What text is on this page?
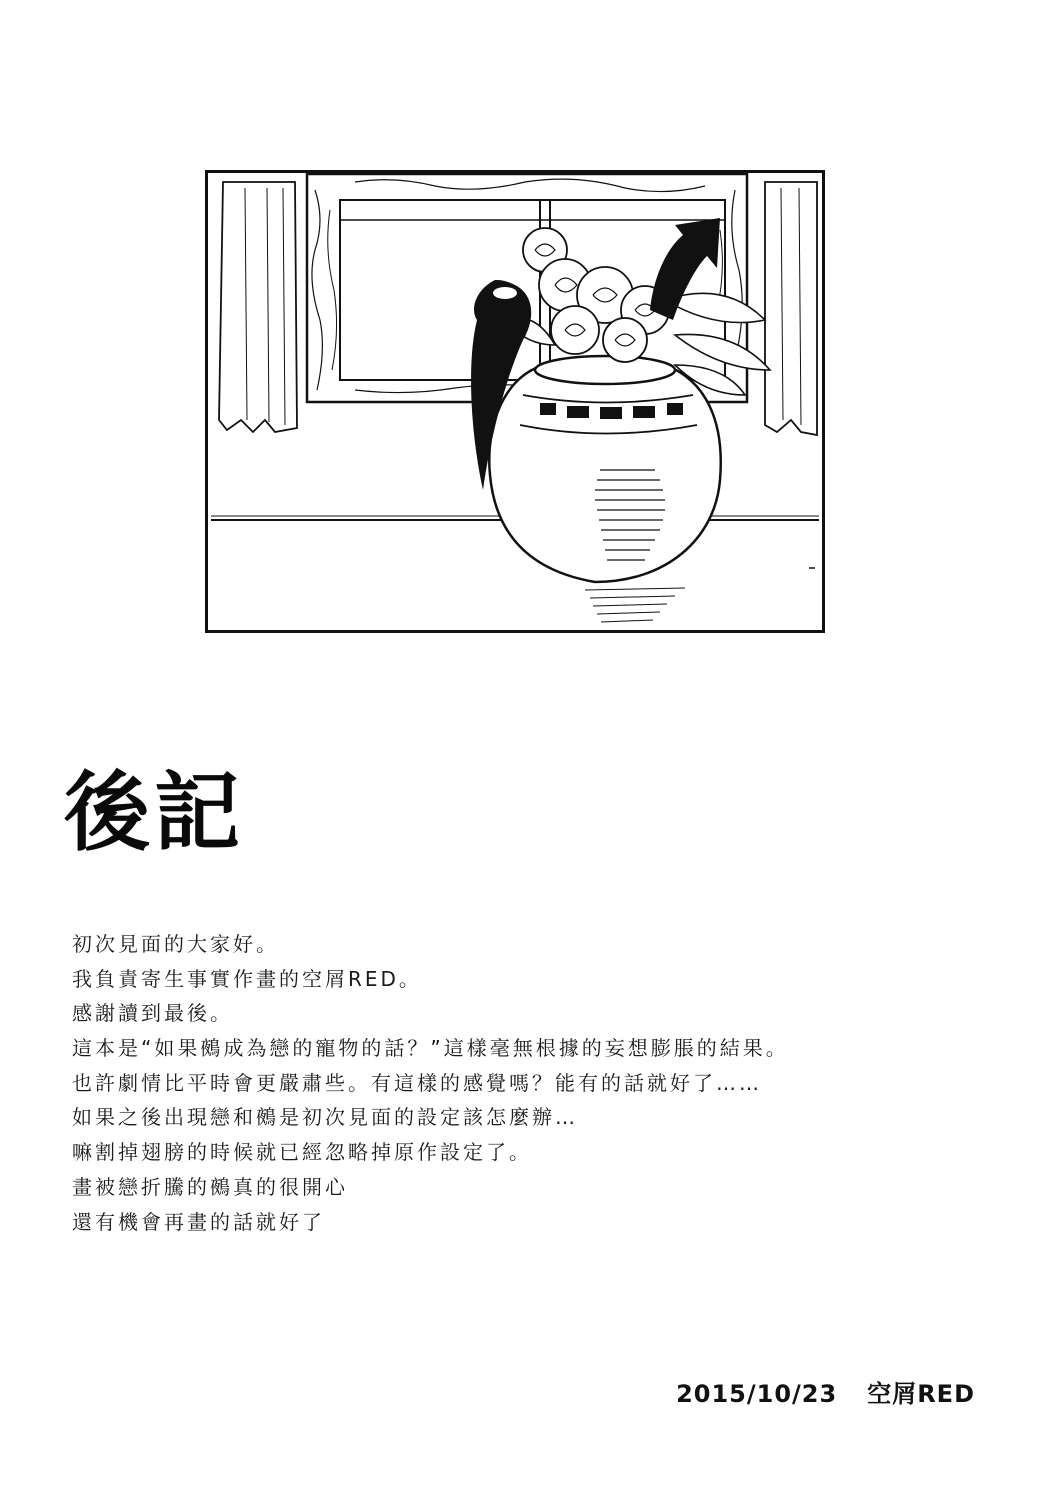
後記
初次見面的大家好。
我負責寄生事實作畫的空屑RED。
感謝讀到最後。
這本是“如果鵺成為戀的寵物的話？”這樣毫無根據的妄想膨脹的結果。
也許劇情比平時會更嚴肅些。有這樣的感覺嗎？能有的話就好了……
如果之後出現戀和鵺是初次見面的設定該怎麼辦…
嘛割掉翅膀的時候就已經忽略掉原作設定了。
畫被戀折騰的鵺真的很開心
還有機會再畫的話就好了
2015/10/23 空屑RED
